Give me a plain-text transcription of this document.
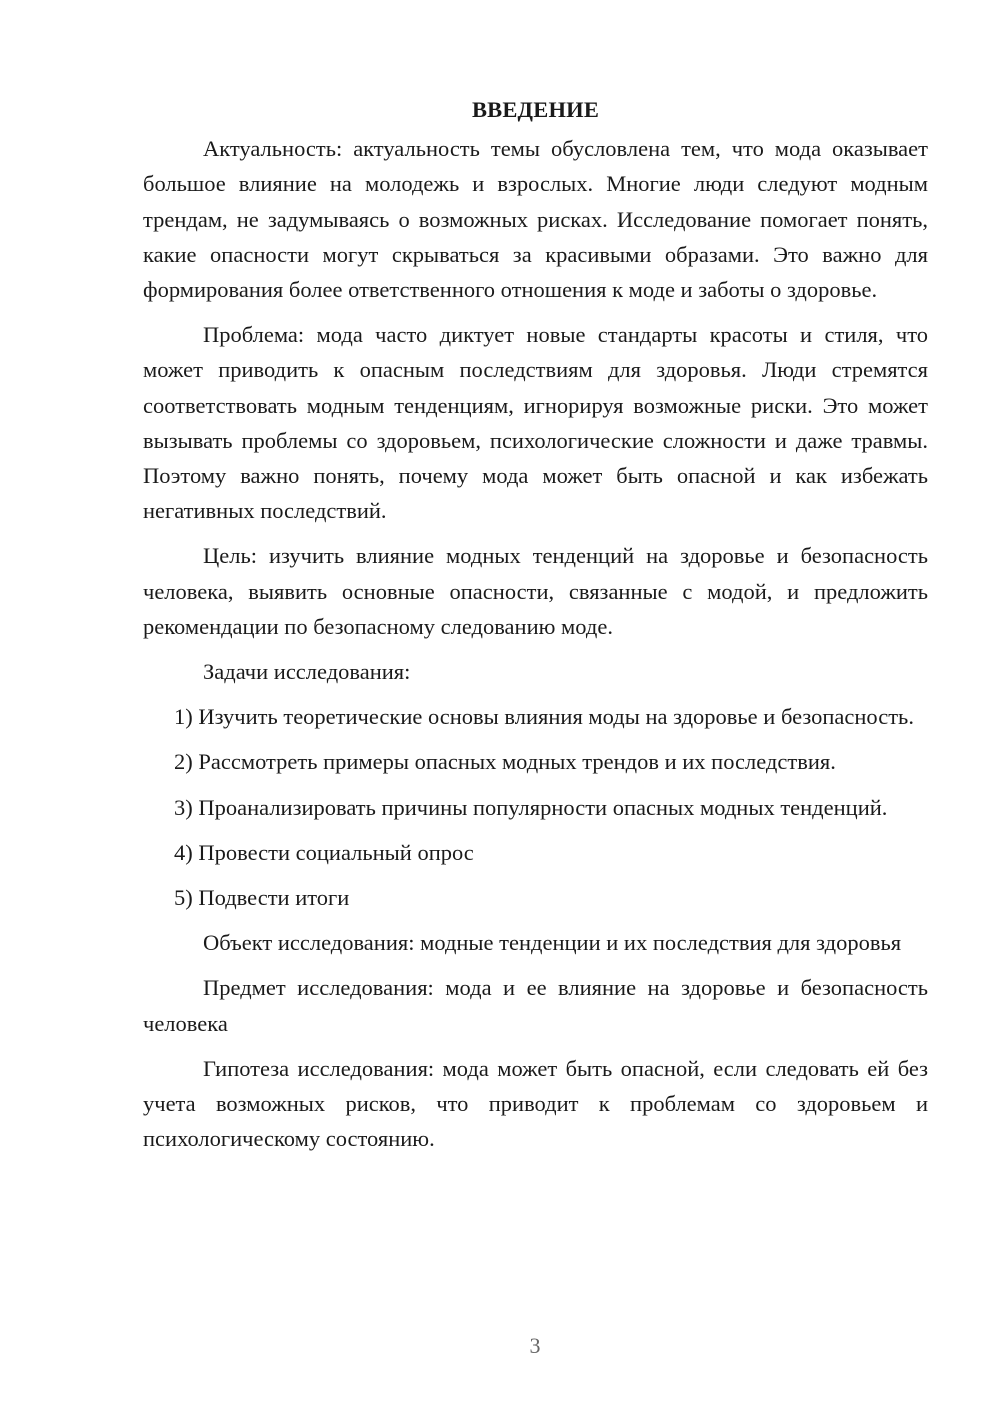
ВВЕДЕНИЕ

Актуальность: актуальность темы обусловлена тем, что мода оказывает большое влияние на молодежь и взрослых. Многие люди следуют модным трендам, не задумываясь о возможных рисках. Исследование помогает понять, какие опасности могут скрываться за красивыми образами. Это важно для формирования более ответственного отношения к моде и заботы о здоровье.

Проблема: мода часто диктует новые стандарты красоты и стиля, что может приводить к опасным последствиям для здоровья. Люди стремятся соответствовать модным тенденциям, игнорируя возможные риски. Это может вызывать проблемы со здоровьем, психологические сложности и даже травмы. Поэтому важно понять, почему мода может быть опасной и как избежать негативных последствий.

Цель: изучить влияние модных тенденций на здоровье и безопасность человека, выявить основные опасности, связанные с модой, и предложить рекомендации по безопасному следованию моде.

Задачи исследования:

1) Изучить теоретические основы влияния моды на здоровье и безопасность.

2) Рассмотреть примеры опасных модных трендов и их последствия.

3) Проанализировать причины популярности опасных модных тенденций.

4) Провести социальный опрос

5) Подвести итоги

Объект исследования: модные тенденции и их последствия для здоровья

Предмет исследования: мода и ее влияние на здоровье и безопасность человека

Гипотеза исследования: мода может быть опасной, если следовать ей без учета возможных рисков, что приводит к проблемам со здоровьем и психологическому состоянию.

3
